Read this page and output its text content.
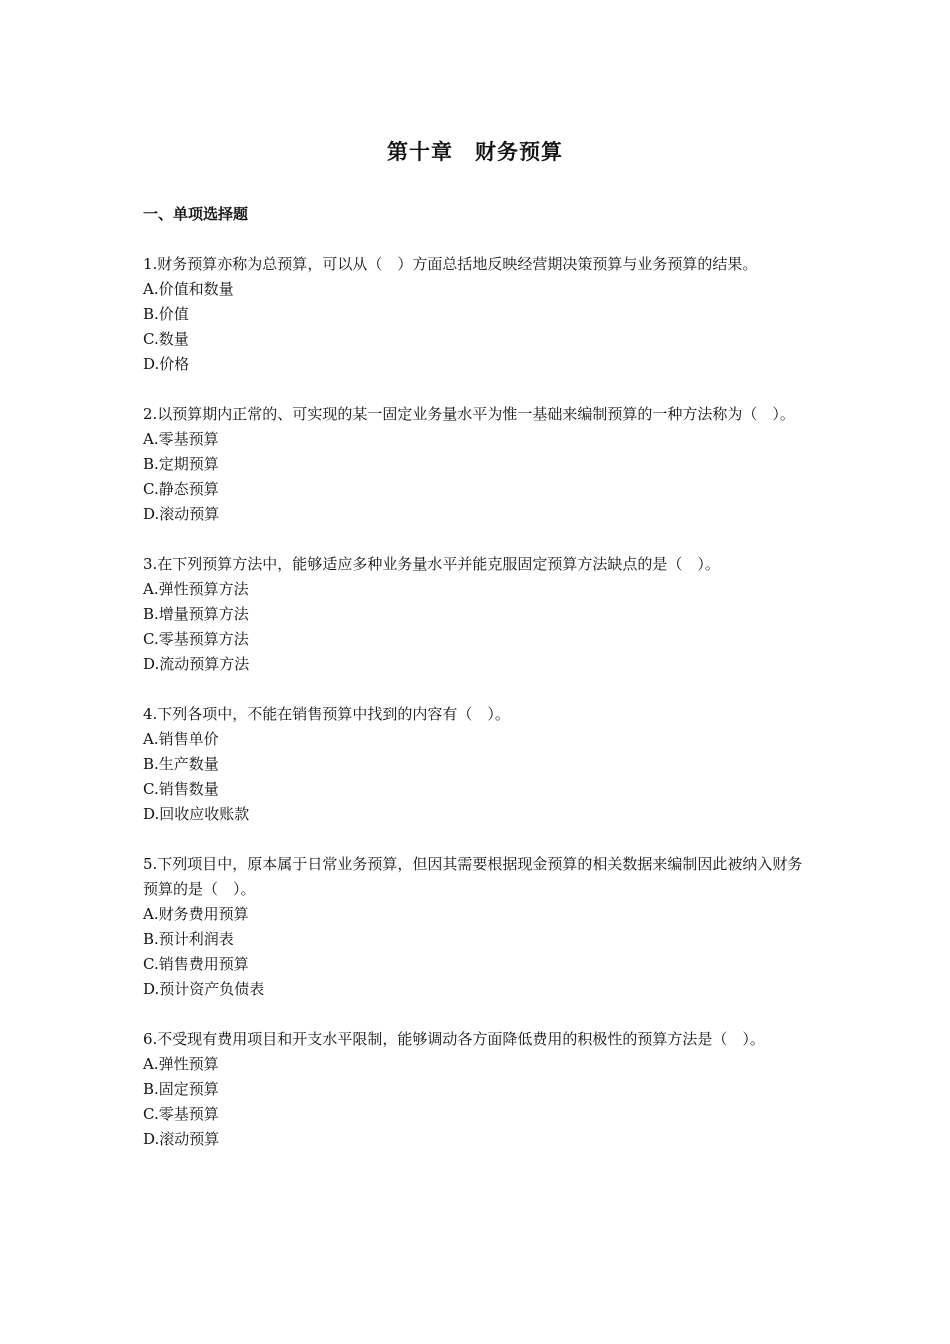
第十章　财务预算
一、单项选择题

1.财务预算亦称为总预算，可以从（　）方面总括地反映经营期决策预算与业务预算的结果。

A.价值和数量

B.价值

C.数量

D.价格

2.以预算期内正常的、可实现的某一固定业务量水平为惟一基础来编制预算的一种方法称为（　）。

A.零基预算

B.定期预算

C.静态预算

D.滚动预算

3.在下列预算方法中，能够适应多种业务量水平并能克服固定预算方法缺点的是（　）。

A.弹性预算方法

B.增量预算方法

C.零基预算方法

D.流动预算方法

4.下列各项中，不能在销售预算中找到的内容有（　）。

A.销售单价

B.生产数量

C.销售数量

D.回收应收账款

5.下列项目中，原本属于日常业务预算，但因其需要根据现金预算的相关数据来编制因此被纳入财务预算的是（　）。

A.财务费用预算

B.预计利润表

C.销售费用预算

D.预计资产负债表

6.不受现有费用项目和开支水平限制，能够调动各方面降低费用的积极性的预算方法是（　）。

A.弹性预算

B.固定预算

C.零基预算

D.滚动预算
